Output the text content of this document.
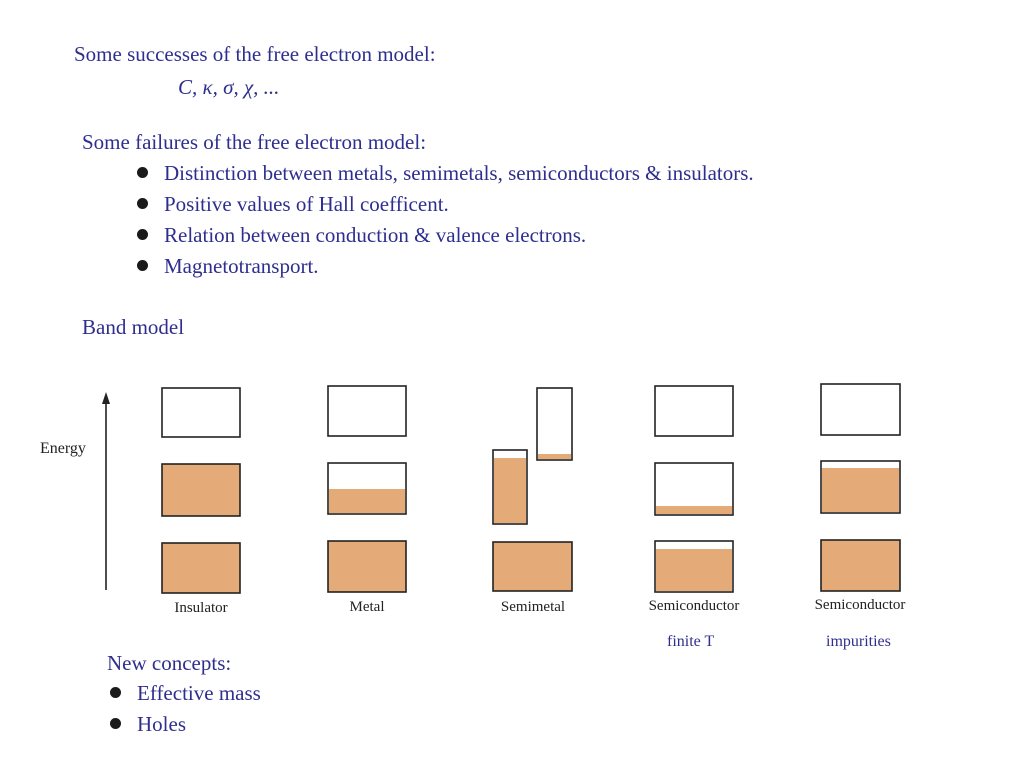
Some successes of the free electron model:
C, κ, σ, χ, ...
Some failures of the free electron model:
Distinction between metals, semimetals, semiconductors & insulators.
Positive values of Hall coefficent.
Relation between conduction & valence electrons.
Magnetotransport.
Band model
Energy
Insulator	Metal	Semimetal	Semiconductor	Semiconductor
finite T	impurities
New concepts:
Effective mass
Holes
